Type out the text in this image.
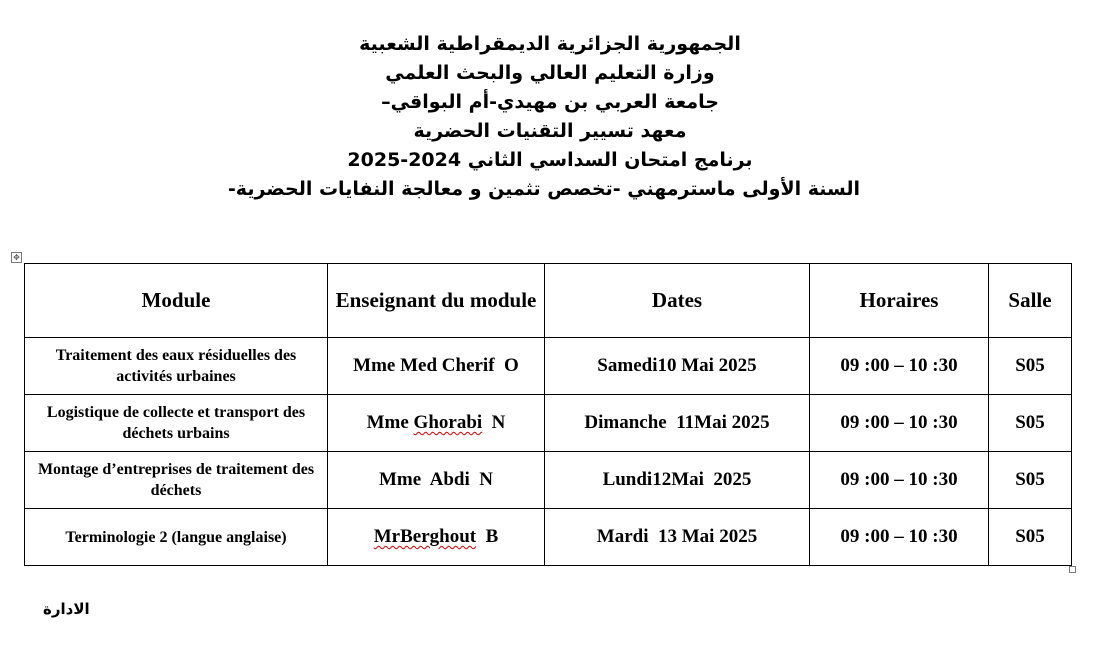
الجمهورية الجزائرية الديمقراطية الشعبية
وزارة التعليم العالي والبحث العلمي
جامعة العربي بن مهيدي-أم البواقي–
معهد تسيير التقنيات الحضرية
برنامج امتحان السداسي الثاني 2024-2025
السنة الأولى ماسترمهني -تخصص تثمين و معالجة النفايات الحضرية-
✥
Module	Enseignant du module	Dates	Horaires	Salle
Traitement des eaux résiduelles des activités urbaines	Mme Med Cherif  O	Samedi10 Mai 2025	09 :00 – 10 :30	S05
Logistique de collecte et transport des déchets urbains	Mme Ghorabi  N	Dimanche  11Mai 2025	09 :00 – 10 :30	S05
Montage d’entreprises de traitement des déchets	Mme  Abdi  N	Lundi12Mai  2025	09 :00 – 10 :30	S05
Terminologie 2 (langue anglaise)	MrBerghout  B	Mardi  13 Mai 2025	09 :00 – 10 :30	S05
الادارة
